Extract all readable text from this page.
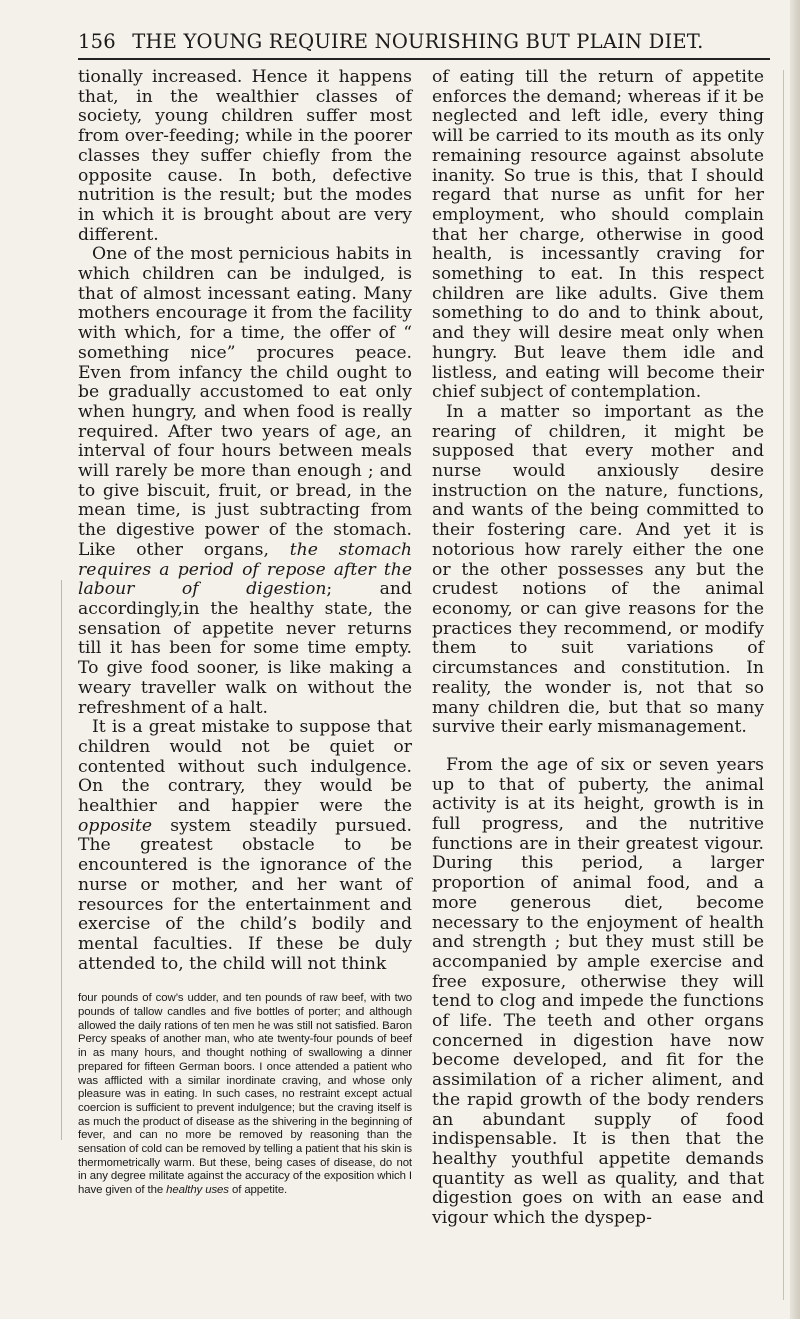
156 THE YOUNG REQUIRE NOURISHING BUT PLAIN DIET.

tionally increased. Hence it happens that, in the wealthier classes of society, young children suffer most from over-feeding; while in the poorer classes they suffer chiefly from the opposite cause. In both, defective nutrition is the result; but the modes in which it is brought about are very different.

One of the most pernicious habits in which children can be indulged, is that of almost incessant eating. Many mothers encourage it from the facility with which, for a time, the offer of “ something nice” procures peace. Even from infancy the child ought to be gradually accustomed to eat only when hungry, and when food is really required. After two years of age, an interval of four hours between meals will rarely be more than enough ; and to give biscuit, fruit, or bread, in the mean time, is just subtracting from the digestive power of the stomach. Like other organs, the stomach requires a period of repose after the labour of digestion; and accordingly,in the healthy state, the sensation of appetite never returns till it has been for some time empty. To give food sooner, is like making a weary traveller walk on without the refreshment of a halt.

It is a great mistake to suppose that children would not be quiet or contented without such indulgence. On the contrary, they would be healthier and happier were the opposite system steadily pursued. The greatest obstacle to be encountered is the ignorance of the nurse or mother, and her want of resources for the entertainment and exercise of the child’s bodily and mental faculties. If these be duly attended to, the child will not think

four pounds of cow’s udder, and ten pounds of raw beef, with two pounds of tallow candles and five bottles of porter; and although allowed the daily rations of ten men he was still not satisfied. Baron Percy speaks of another man, who ate twenty-four pounds of beef in as many hours, and thought nothing of swallowing a dinner prepared for fifteen German boors. I once attended a patient who was afflicted with a similar inordinate craving, and whose only pleasure was in eating. In such cases, no restraint except actual coercion is sufficient to prevent indulgence; but the craving itself is as much the product of disease as the shivering in the beginning of fever, and can no more be removed by reasoning than the sensation of cold can be removed by telling a patient that his skin is thermometrically warm. But these, being cases of disease, do not in any degree militate against the accuracy of the exposition which I have given of the healthy uses of appetite.

of eating till the return of appetite enforces the demand; whereas if it be neglected and left idle, every thing will be carried to its mouth as its only remaining resource against absolute inanity. So true is this, that I should regard that nurse as unfit for her employment, who should complain that her charge, otherwise in good health, is incessantly craving for something to eat. In this respect children are like adults. Give them something to do and to think about, and they will desire meat only when hungry. But leave them idle and listless, and eating will become their chief subject of contemplation.

In a matter so important as the rearing of children, it might be supposed that every mother and nurse would anxiously desire instruction on the nature, functions, and wants of the being committed to their fostering care. And yet it is notorious how rarely either the one or the other possesses any but the crudest notions of the animal economy, or can give reasons for the practices they recommend, or modify them to suit variations of circumstances and constitution. In reality, the wonder is, not that so many children die, but that so many survive their early mismanagement.

From the age of six or seven years up to that of puberty, the animal activity is at its height, growth is in full progress, and the nutritive functions are in their greatest vigour. During this period, a larger proportion of animal food, and a more generous diet, become necessary to the enjoyment of health and strength ; but they must still be accompanied by ample exercise and free exposure, otherwise they will tend to clog and impede the functions of life. The teeth and other organs concerned in digestion have now become developed, and fit for the assimilation of a richer aliment, and the rapid growth of the body renders an abundant supply of food indispensable. It is then that the healthy youthful appetite demands quantity as well as quality, and that digestion goes on with an ease and vigour which the dyspep-
